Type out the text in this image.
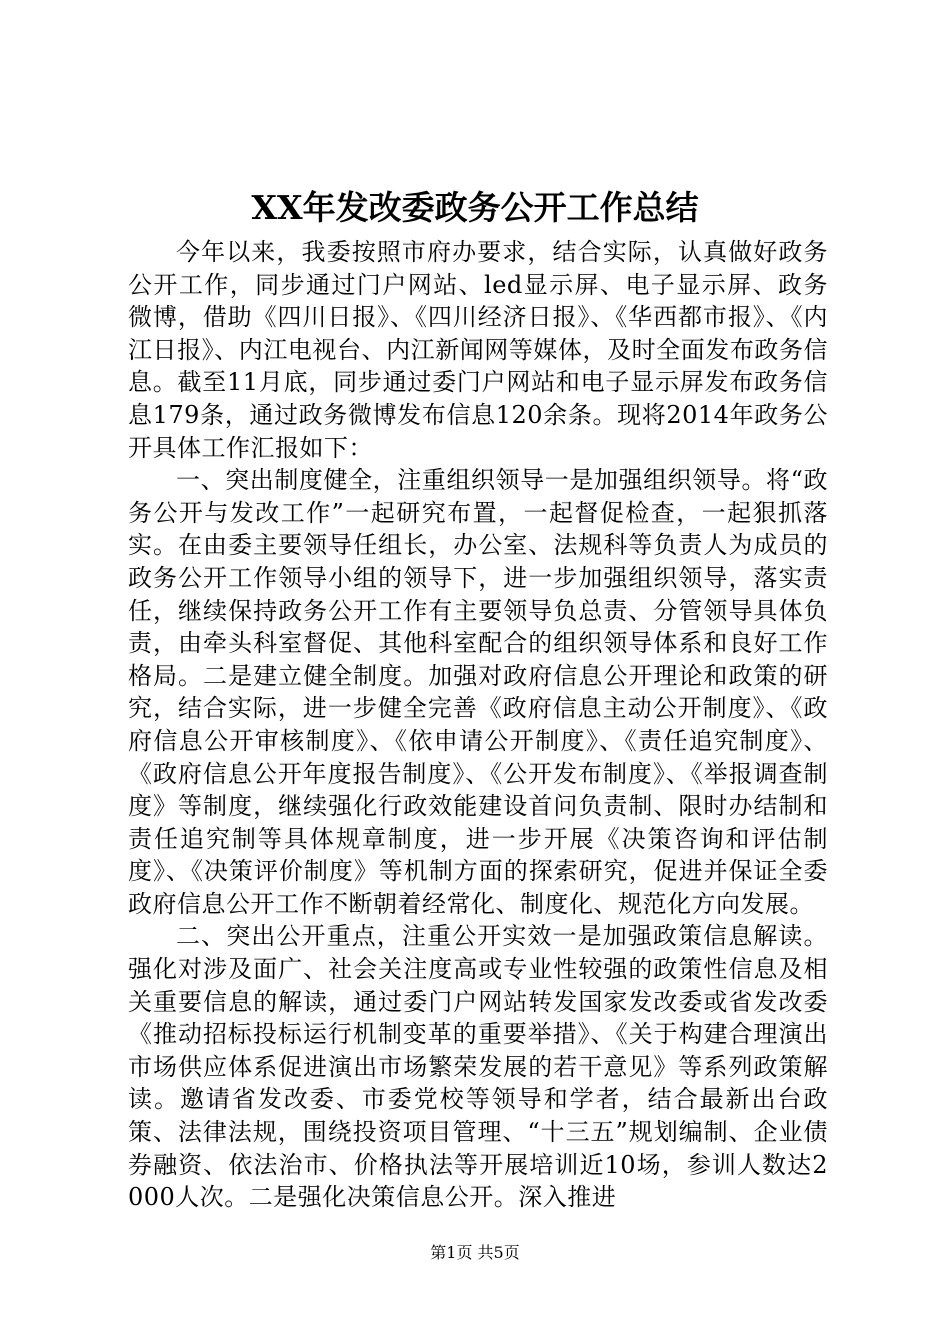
XX年发改委政务公开工作总结

今年以来，我委按照市府办要求，结合实际，认真做好政务公开工作，同步通过门户网站、led显示屏、电子显示屏、政务微博，借助《四川日报》、《四川经济日报》、《华西都市报》、《内江日报》、内江电视台、内江新闻网等媒体，及时全面发布政务信息。截至11月底，同步通过委门户网站和电子显示屏发布政务信息179条，通过政务微博发布信息120余条。现将2014年政务公开具体工作汇报如下：

一、突出制度健全，注重组织领导一是加强组织领导。将“政务公开与发改工作”一起研究布置，一起督促检查，一起狠抓落实。在由委主要领导任组长，办公室、法规科等负责人为成员的政务公开工作领导小组的领导下，进一步加强组织领导，落实责任，继续保持政务公开工作有主要领导负总责、分管领导具体负责，由牵头科室督促、其他科室配合的组织领导体系和良好工作格局。二是建立健全制度。加强对政府信息公开理论和政策的研究，结合实际，进一步健全完善《政府信息主动公开制度》、《政府信息公开审核制度》、《依申请公开制度》、《责任追究制度》、《政府信息公开年度报告制度》、《公开发布制度》、《举报调查制度》等制度，继续强化行政效能建设首问负责制、限时办结制和责任追究制等具体规章制度，进一步开展《决策咨询和评估制度》、《决策评价制度》等机制方面的探索研究，促进并保证全委政府信息公开工作不断朝着经常化、制度化、规范化方向发展。

二、突出公开重点，注重公开实效一是加强政策信息解读。强化对涉及面广、社会关注度高或专业性较强的政策性信息及相关重要信息的解读，通过委门户网站转发国家发改委或省发改委《推动招标投标运行机制变革的重要举措》、《关于构建合理演出市场供应体系促进演出市场繁荣发展的若干意见》等系列政策解读。邀请省发改委、市委党校等领导和学者，结合最新出台政策、法律法规，围绕投资项目管理、“十三五”规划编制、企业债券融资、依法治市、价格执法等开展培训近10场，参训人数达2000人次。二是强化决策信息公开。深入推进

第1页 共5页
